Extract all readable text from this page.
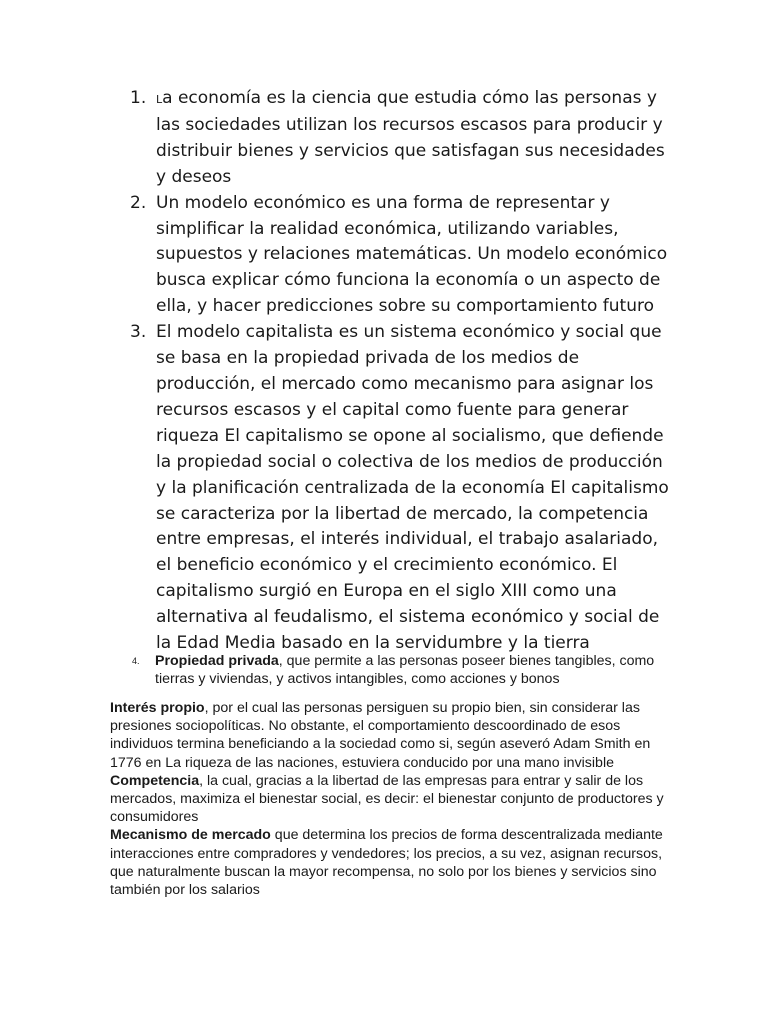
1. La economía es la ciencia que estudia cómo las personas y las sociedades utilizan los recursos escasos para producir y distribuir bienes y servicios que satisfagan sus necesidades y deseos

2. Un modelo económico es una forma de representar y simplificar la realidad económica, utilizando variables, supuestos y relaciones matemáticas. Un modelo económico busca explicar cómo funciona la economía o un aspecto de ella, y hacer predicciones sobre su comportamiento futuro

3. El modelo capitalista es un sistema económico y social que se basa en la propiedad privada de los medios de producción, el mercado como mecanismo para asignar los recursos escasos y el capital como fuente para generar riqueza El capitalismo se opone al socialismo, que defiende la propiedad social o colectiva de los medios de producción y la planificación centralizada de la economía El capitalismo se caracteriza por la libertad de mercado, la competencia entre empresas, el interés individual, el trabajo asalariado, el beneficio económico y el crecimiento económico. El capitalismo surgió en Europa en el siglo XIII como una alternativa al feudalismo, el sistema económico y social de la Edad Media basado en la servidumbre y la tierra

4.	Propiedad privada, que permite a las personas poseer bienes tangibles, como tierras y viviendas, y activos intangibles, como acciones y bonos

Interés propio, por el cual las personas persiguen su propio bien, sin considerar las presiones sociopolíticas. No obstante, el comportamiento descoordinado de esos individuos termina beneficiando a la sociedad como si, según aseveró Adam Smith en 1776 en La riqueza de las naciones, estuviera conducido por una mano invisible

Competencia, la cual, gracias a la libertad de las empresas para entrar y salir de los mercados, maximiza el bienestar social, es decir: el bienestar conjunto de productores y consumidores

Mecanismo de mercado que determina los precios de forma descentralizada mediante interacciones entre compradores y vendedores; los precios, a su vez, asignan recursos, que naturalmente buscan la mayor recompensa, no solo por los bienes y servicios sino también por los salarios
